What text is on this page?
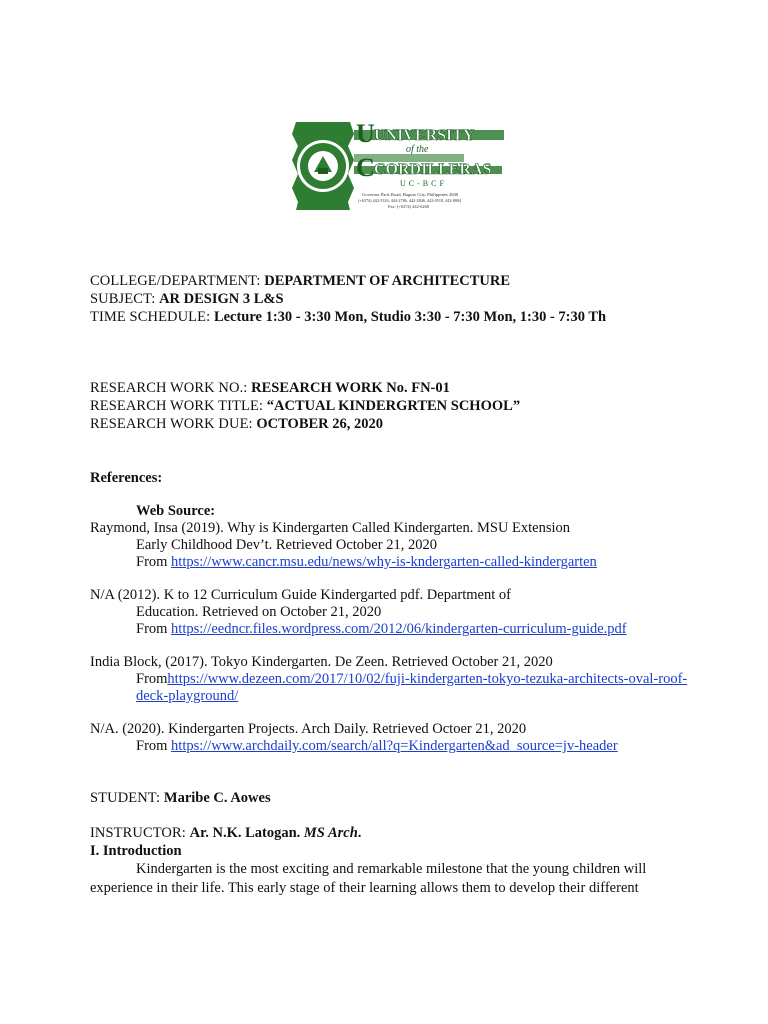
U
C
UNIVERSITY
of the
CORDILLERAS
UC-BCF
Governor Pack Road, Baguio City, Philippines 2600
(+6374) 442-3316, 444-2786, 442-2846, 442-0518, 442-8084
Fax: (+6374) 442-6268
COLLEGE/DEPARTMENT: DEPARTMENT OF ARCHITECTURE
SUBJECT: AR DESIGN 3 L&S
TIME SCHEDULE: Lecture 1:30 - 3:30 Mon, Studio 3:30 - 7:30 Mon, 1:30 - 7:30 Th
RESEARCH WORK NO.: RESEARCH WORK No. FN-01
RESEARCH WORK TITLE: “ACTUAL KINDERGRTEN SCHOOL”
RESEARCH WORK DUE: OCTOBER 26, 2020
References:
Web Source:
Raymond, Insa (2019). Why is Kindergarten Called Kindergarten. MSU Extension
Early Childhood Dev’t. Retrieved October 21, 2020
From https://www.cancr.msu.edu/news/why-is-kndergarten-called-kindergarten
N/A (2012). K to 12 Curriculum Guide Kindergarted pdf. Department of
Education. Retrieved on October 21, 2020
From https://eedncr.files.wordpress.com/2012/06/kindergarten-curriculum-guide.pdf
India Block, (2017). Tokyo Kindergarten. De Zeen. Retrieved October 21, 2020
Fromhttps://www.dezeen.com/2017/10/02/fuji-kindergarten-tokyo-tezuka-architects-oval-roof-
deck-playground/
N/A. (2020). Kindergarten Projects. Arch Daily. Retrieved Octoer 21, 2020
From https://www.archdaily.com/search/all?q=Kindergarten&ad_source=jv-header
STUDENT: Maribe C. Aowes
INSTRUCTOR: Ar. N.K. Latogan. MS Arch.
I. Introduction
Kindergarten is the most exciting and remarkable milestone that the young children will
experience in their life. This early stage of their learning allows them to develop their different
